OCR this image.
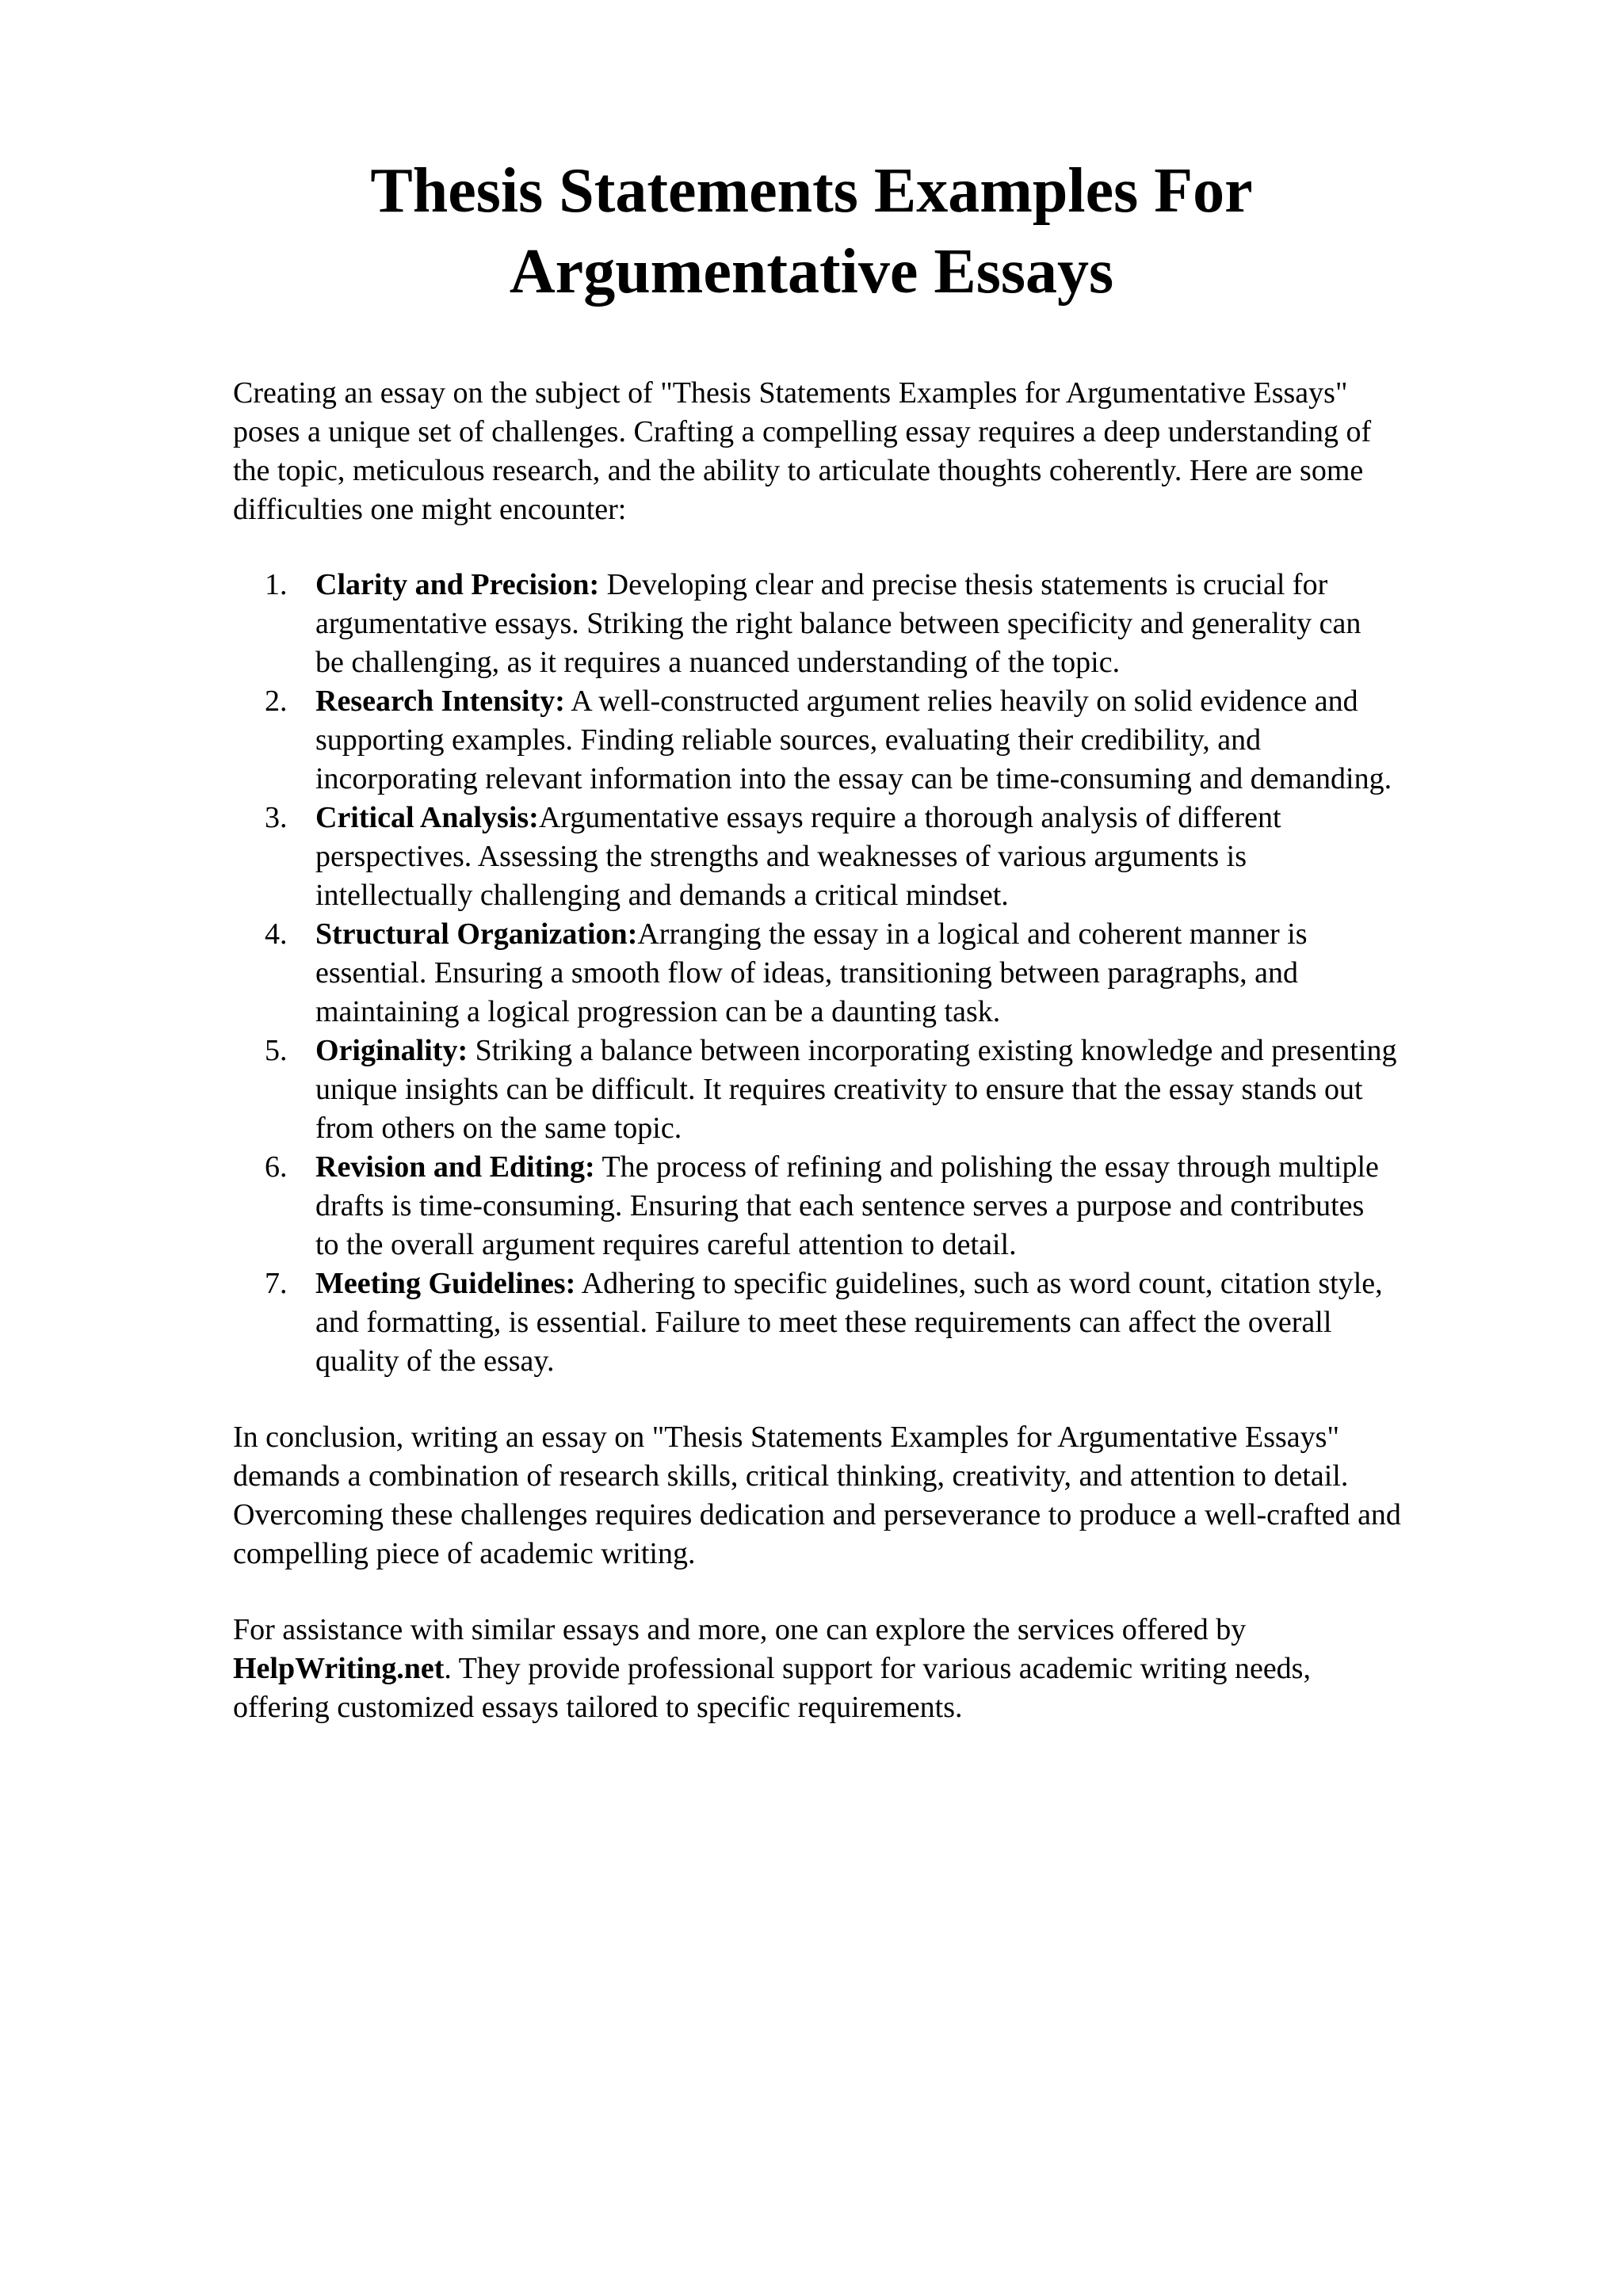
Thesis Statements Examples For
Argumentative Essays

Creating an essay on the subject of "Thesis Statements Examples for Argumentative Essays"
poses a unique set of challenges. Crafting a compelling essay requires a deep understanding of
the topic, meticulous research, and the ability to articulate thoughts coherently. Here are some
difficulties one might encounter:

1. Clarity and Precision: Developing clear and precise thesis statements is crucial for
argumentative essays. Striking the right balance between specificity and generality can
be challenging, as it requires a nuanced understanding of the topic.
2. Research Intensity: A well-constructed argument relies heavily on solid evidence and
supporting examples. Finding reliable sources, evaluating their credibility, and
incorporating relevant information into the essay can be time-consuming and demanding.
3. Critical Analysis:Argumentative essays require a thorough analysis of different
perspectives. Assessing the strengths and weaknesses of various arguments is
intellectually challenging and demands a critical mindset.
4. Structural Organization:Arranging the essay in a logical and coherent manner is
essential. Ensuring a smooth flow of ideas, transitioning between paragraphs, and
maintaining a logical progression can be a daunting task.
5. Originality: Striking a balance between incorporating existing knowledge and presenting
unique insights can be difficult. It requires creativity to ensure that the essay stands out
from others on the same topic.
6. Revision and Editing: The process of refining and polishing the essay through multiple
drafts is time-consuming. Ensuring that each sentence serves a purpose and contributes
to the overall argument requires careful attention to detail.
7. Meeting Guidelines: Adhering to specific guidelines, such as word count, citation style,
and formatting, is essential. Failure to meet these requirements can affect the overall
quality of the essay.

In conclusion, writing an essay on "Thesis Statements Examples for Argumentative Essays"
demands a combination of research skills, critical thinking, creativity, and attention to detail.
Overcoming these challenges requires dedication and perseverance to produce a well-crafted and
compelling piece of academic writing.

For assistance with similar essays and more, one can explore the services offered by
HelpWriting.net. They provide professional support for various academic writing needs,
offering customized essays tailored to specific requirements.
